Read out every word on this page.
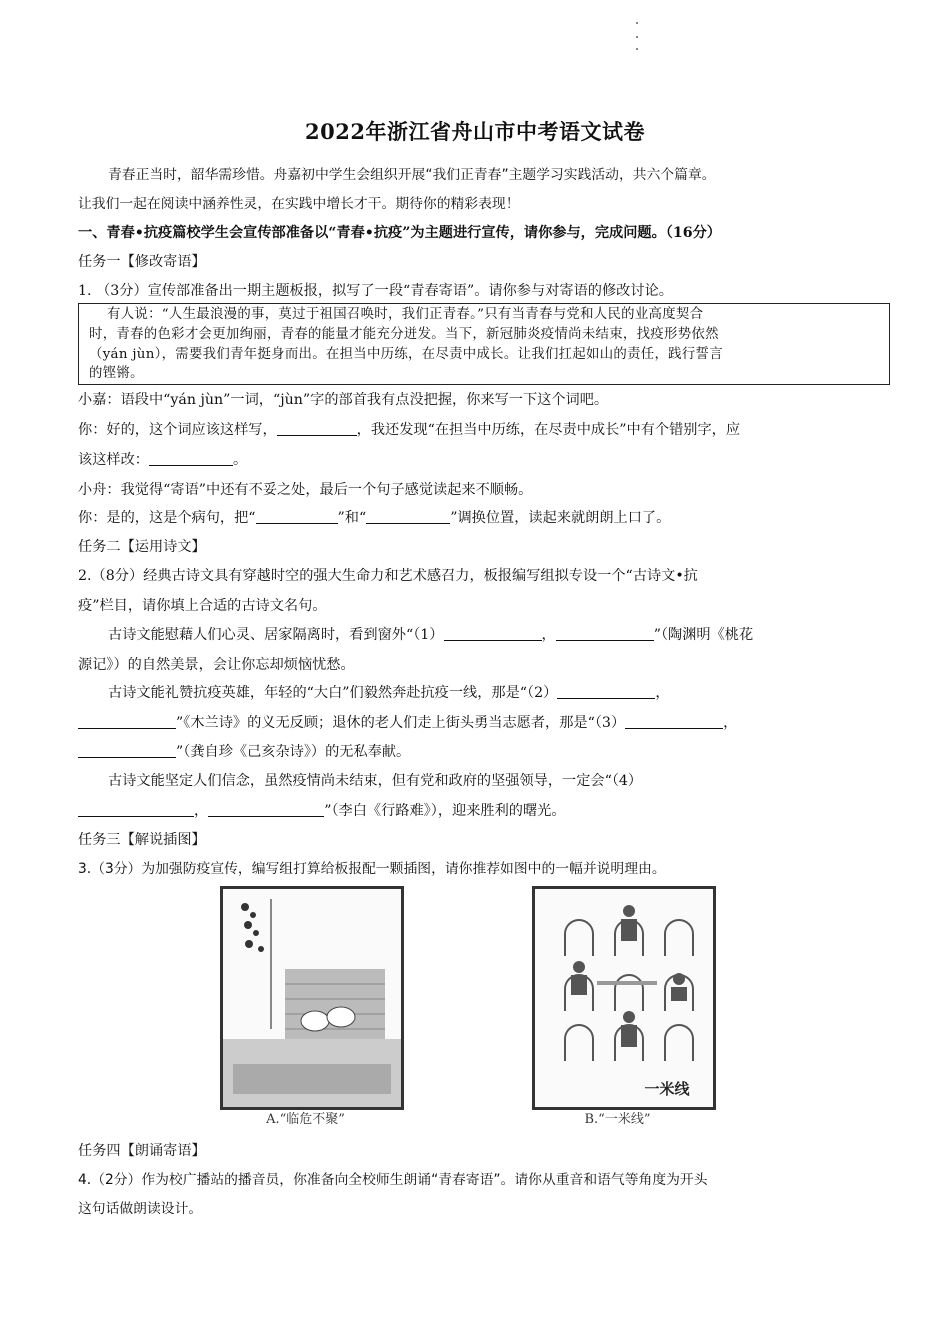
2022年浙江省舟山市中考语文试卷
青春正当时，韶华需珍惜。舟嘉初中学生会组织开展“我们正青春”主题学习实践活动，共六个篇章。
让我们一起在阅读中涵养性灵，在实践中增长才干。期待你的精彩表现！
一、青春•抗疫篇校学生会宣传部准备以“青春•抗疫”为主题进行宣传，请你参与，完成问题。（16分）
任务一【修改寄语】
1. （3分）宣传部准备出一期主题板报，拟写了一段“青春寄语”。请你参与对寄语的修改讨论。
有人说：“人生最浪漫的事，莫过于祖国召唤时，我们正青春。”只有当青春与党和人民的业高度契合
时，青春的色彩才会更加绚丽，青春的能量才能充分迸发。当下，新冠肺炎疫情尚未结束，找疫形势依然
（yán jùn），需要我们青年挺身而出。在担当中历练，在尽责中成长。让我们扛起如山的责任，践行誓言
的铿锵。
小嘉：语段中“yán jùn”一词，“jùn”字的部首我有点没把握，你来写一下这个词吧。
你：好的，这个词应该这样写，	，我还发现“在担当中历练，在尽责中成长”中有个错别字，应
该这样改：	。
小舟：我觉得“寄语”中还有不妥之处，最后一个句子感觉读起来不顺畅。
你：是的，这是个病句，把“	”和“	”调换位置，读起来就朗朗上口了。
任务二【运用诗文】
2.（8分）经典古诗文具有穿越时空的强大生命力和艺术感召力，板报编写组拟专设一个“古诗文•抗
疫”栏目，请你填上合适的古诗文名句。
古诗文能慰藉人们心灵、居家隔离时，看到窗外“（1）	，	”（陶渊明《桃花
源记》）的自然美景，会让你忘却烦恼忧愁。
古诗文能礼赞抗疫英雄，年轻的“大白”们毅然奔赴抗疫一线，那是“（2）	，
”《木兰诗》的义无反顾；退休的老人们走上街头勇当志愿者，那是“（3）	，
”（龚自珍《己亥杂诗》）的无私奉献。
古诗文能坚定人们信念，虽然疫情尚未结束，但有党和政府的坚强领导，一定会“（4）
，	”（李白《行路难》），迎来胜利的曙光。
任务三【解说插图】
3.（3分）为加强防疫宣传，编写组打算给板报配一颗插图，请你推荐如图中的一幅并说明理由。
A.“临危不聚”
一米线
B.“一米线”
任务四【朗诵寄语】
4.（2分）作为校广播站的播音员，你准备向全校师生朗诵“青春寄语”。请你从重音和语气等角度为开头
这句话做朗读设计。
